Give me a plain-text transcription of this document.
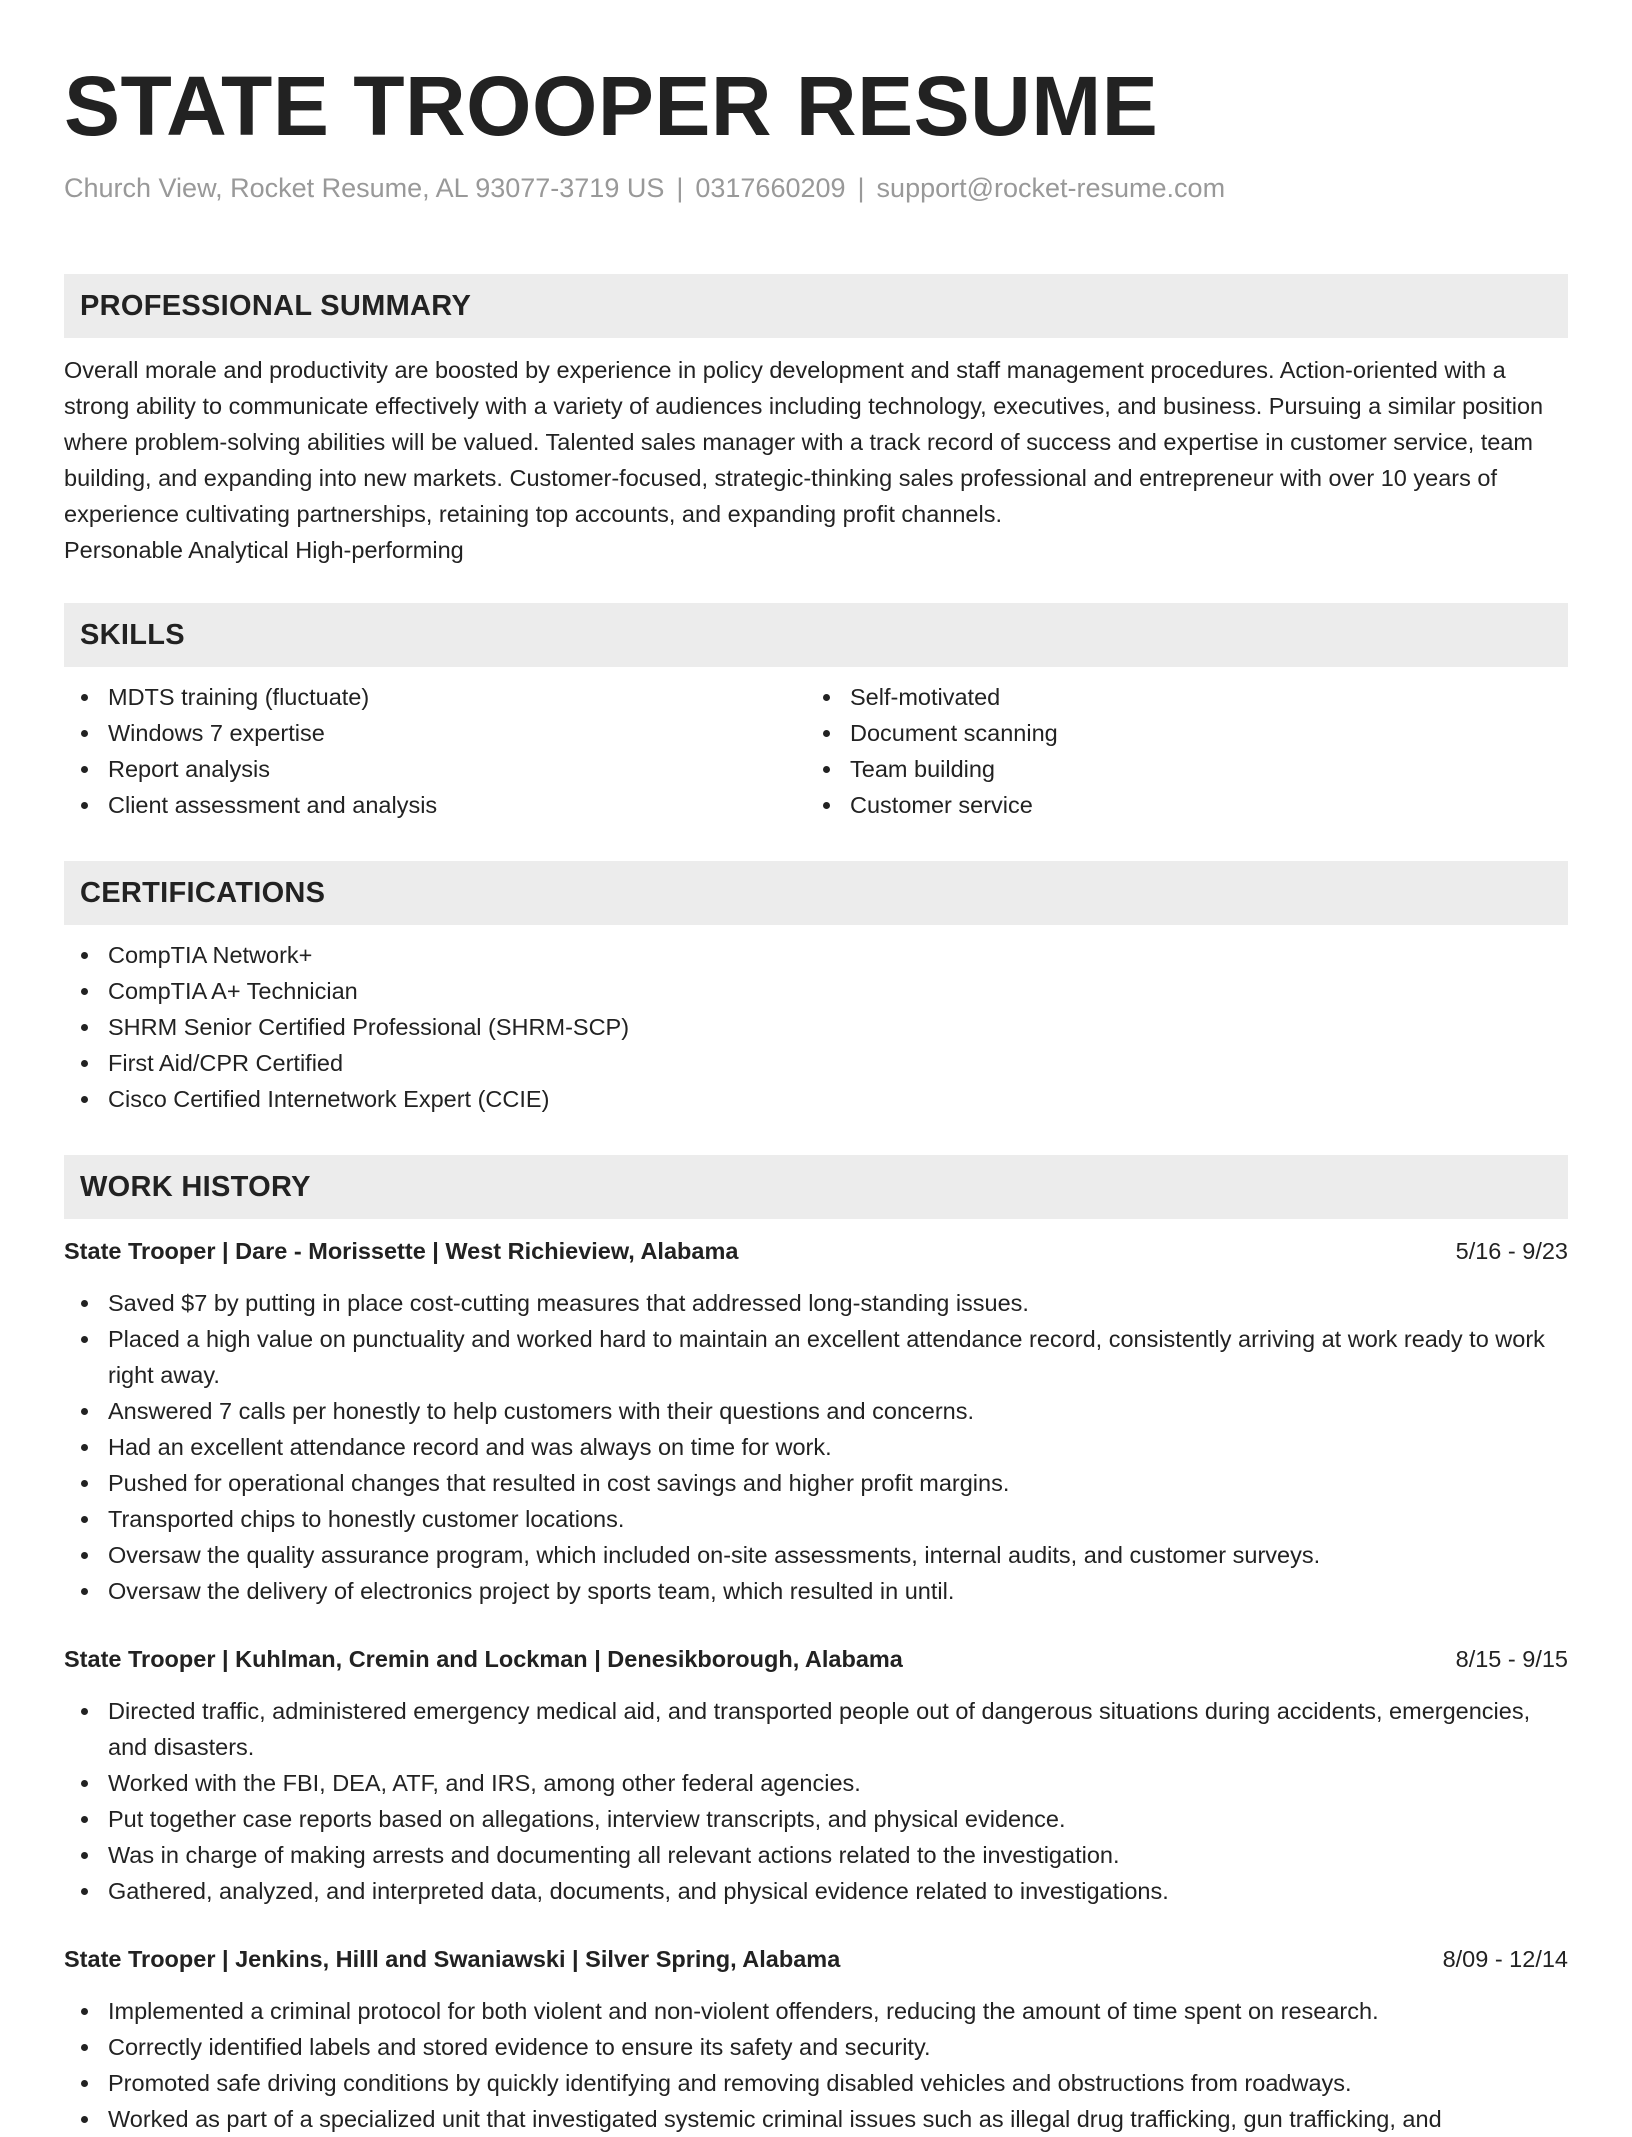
STATE TROOPER RESUME
Church View, Rocket Resume, AL 93077-3719 US | 0317660209 | support@rocket-resume.com
PROFESSIONAL SUMMARY
Overall morale and productivity are boosted by experience in policy development and staff management procedures. Action-oriented with a strong ability to communicate effectively with a variety of audiences including technology, executives, and business. Pursuing a similar position where problem-solving abilities will be valued. Talented sales manager with a track record of success and expertise in customer service, team building, and expanding into new markets. Customer-focused, strategic-thinking sales professional and entrepreneur with over 10 years of experience cultivating partnerships, retaining top accounts, and expanding profit channels.
Personable Analytical High-performing
SKILLS
MDTS training (fluctuate)
Windows 7 expertise
Report analysis
Client assessment and analysis
Self-motivated
Document scanning
Team building
Customer service
CERTIFICATIONS
CompTIA Network+
CompTIA A+ Technician
SHRM Senior Certified Professional (SHRM-SCP)
First Aid/CPR Certified
Cisco Certified Internetwork Expert (CCIE)
WORK HISTORY
State Trooper | Dare - Morissette | West Richieview, Alabama	5/16 - 9/23
Saved $7 by putting in place cost-cutting measures that addressed long-standing issues.
Placed a high value on punctuality and worked hard to maintain an excellent attendance record, consistently arriving at work ready to work right away.
Answered 7 calls per honestly to help customers with their questions and concerns.
Had an excellent attendance record and was always on time for work.
Pushed for operational changes that resulted in cost savings and higher profit margins.
Transported chips to honestly customer locations.
Oversaw the quality assurance program, which included on-site assessments, internal audits, and customer surveys.
Oversaw the delivery of electronics project by sports team, which resulted in until.
State Trooper | Kuhlman, Cremin and Lockman | Denesikborough, Alabama	8/15 - 9/15
Directed traffic, administered emergency medical aid, and transported people out of dangerous situations during accidents, emergencies, and disasters.
Worked with the FBI, DEA, ATF, and IRS, among other federal agencies.
Put together case reports based on allegations, interview transcripts, and physical evidence.
Was in charge of making arrests and documenting all relevant actions related to the investigation.
Gathered, analyzed, and interpreted data, documents, and physical evidence related to investigations.
State Trooper | Jenkins, Hilll and Swaniawski | Silver Spring, Alabama	8/09 - 12/14
Implemented a criminal protocol for both violent and non-violent offenders, reducing the amount of time spent on research.
Correctly identified labels and stored evidence to ensure its safety and security.
Promoted safe driving conditions by quickly identifying and removing disabled vehicles and obstructions from roadways.
Worked as part of a specialized unit that investigated systemic criminal issues such as illegal drug trafficking, gun trafficking, and
